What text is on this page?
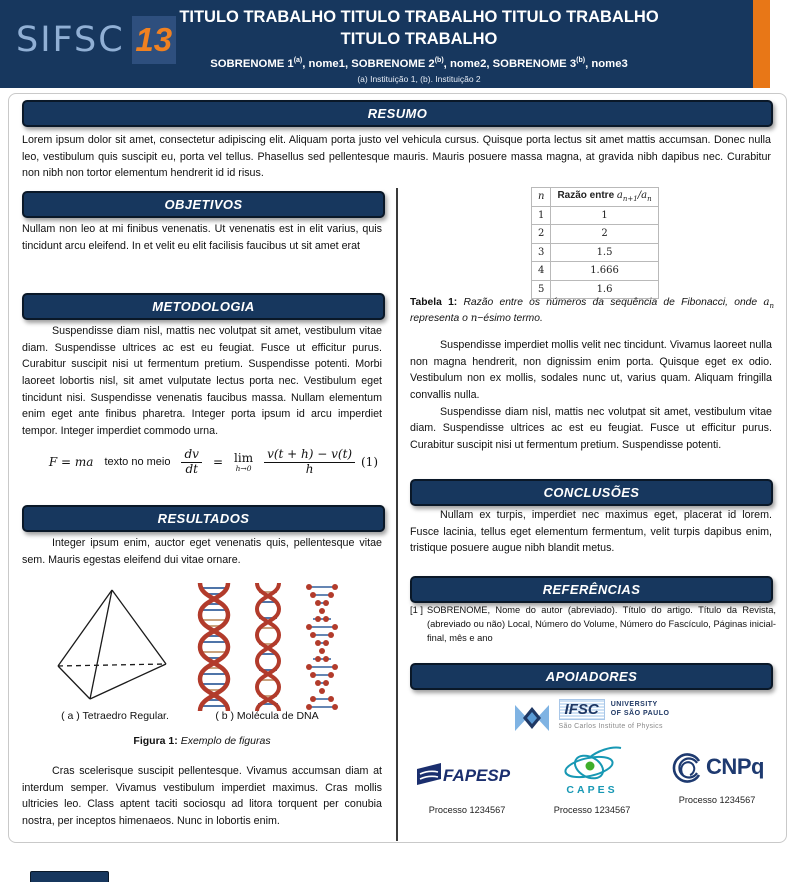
SIFSC 13
TITULO TRABALHO TITULO TRABALHO TITULO TRABALHO
TITULO TRABALHO
SOBRENOME 1$^{(a)}$, nome1, SOBRENOME 2$^{(b)}$, nome2, SOBRENOME 3$^{(b)}$, nome3
(a) Instituição 1, (b). Instituição 2
RESUMO
Lorem ipsum dolor sit amet, consectetur adipiscing elit. Aliquam porta justo vel vehicula cursus. Quisque porta lectus sit amet mattis accumsan. Donec nulla leo, vestibulum quis suscipit eu, porta vel tellus. Phasellus sed pellentesque mauris. Mauris posuere massa magna, at gravida nibh dapibus nec. Curabitur non nibh non tortor elementum hendrerit id id risus.
OBJETIVOS
Nullam non leo at mi finibus venenatis. Ut venenatis est in elit varius, quis tincidunt arcu eleifend. In et velit eu elit facilisis faucibus ut sit amet erat
METODOLOGIA
Suspendisse diam nisl, mattis nec volutpat sit amet, vestibulum vitae diam. Suspendisse ultrices ac est eu feugiat. Fusce ut efficitur purus. Curabitur suscipit nisi ut fermentum pretium. Suspendisse potenti. Morbi laoreet lobortis nisl, sit amet vulputate lectus porta nec. Vestibulum eget tincidunt nisi. Suspendisse venenatis faucibus massa. Nullam elementum enim eget ante finibus pharetra. Integer porta ipsum id arcu imperdiet tempor. Integer imperdiet commodo urna.
F = ma texto no meio $\frac{dv}{dt} = \lim$
$h\to 0 \frac{v(t + h) - v(t)}{h} (1)$
RESULTADOS
Integer ipsum enim, auctor eget venenatis quis, pellentesque vitae sem. Mauris egestas eleifend dui vitae ornare.
( a ) Tetraedro Regular.	( b ) Molécula de DNA
Figura 1: Exemplo de figuras
Cras scelerisque suscipit pellentesque. Vivamus accumsan diam at interdum semper. Vivamus vestibulum imperdiet maximus. Cras mollis ultricies leo. Class aptent taciti sociosqu ad litora torquent per conubia nostra, per inceptos himenaeos. Nunc in lobortis enim.
n	Razão entre $a_{n+1}/a_n$
1	1
2	2
3	1.5
4	1.666
5	1.6
Tabela 1: Razão entre os números da sequência de Fibonacci, onde $a_n$ representa o n−ésimo termo.

Suspendisse imperdiet mollis velit nec tincidunt. Vivamus laoreet nulla non magna hendrerit, non dignissim enim porta. Quisque eget ex odio. Vestibulum non ex mollis, sodales nunc ut, varius quam. Aliquam fringilla convallis nulla.

Suspendisse diam nisl, mattis nec volutpat sit amet, vestibulum vitae diam. Suspendisse ultrices ac est eu feugiat. Fusce ut efficitur purus. Curabitur suscipit nisi ut fermentum pretium. Suspendisse potenti.

CONCLUSÕES
Nullam ex turpis, imperdiet nec maximus eget, placerat id lorem. Fusce lacinia, tellus eget elementum fermentum, velit turpis dapibus enim, tristique posuere augue nibh blandit metus.
REFERÊNCIAS
[1 ] SOBRENOME, Nome do autor (abreviado). Título do artigo. Título da Revista, (abreviado ou não) Local, Número do Volume, Número do Fascículo, Páginas inicial-final, mês e ano
APOIADORES
IFSC	UNIVERSITY
OF SÃO PAULO
São Carlos Institute of Physics
FAPESP
Processo 1234567
CAPES
Processo 1234567
CNPq
Processo 1234567
